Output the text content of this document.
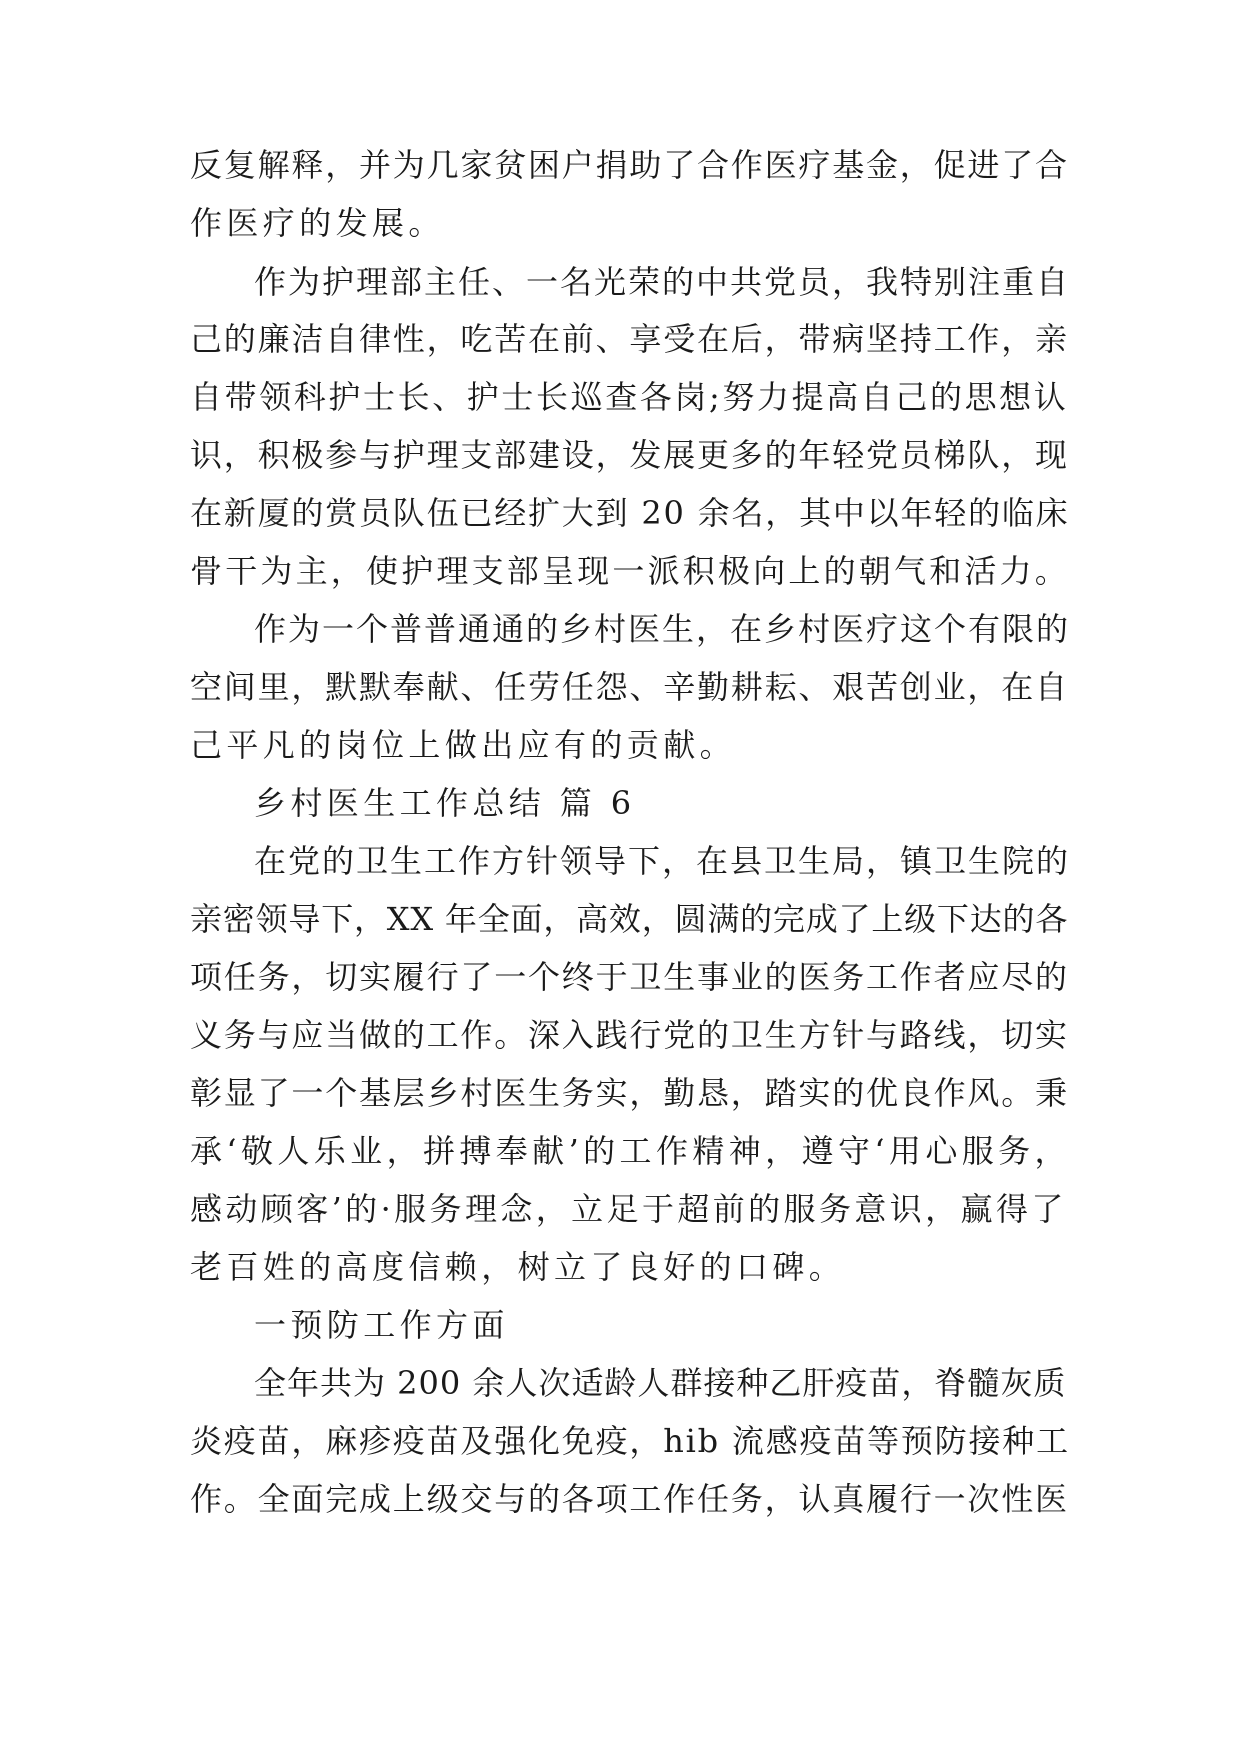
反复解释，并为几家贫困户捐助了合作医疗基金，促进了合
作医疗的发展。
作为护理部主任、一名光荣的中共党员，我特别注重自
己的廉洁自律性，吃苦在前、享受在后，带病坚持工作，亲
自带领科护士长、护士长巡查各岗;努力提高自己的思想认
识，积极参与护理支部建设，发展更多的年轻党员梯队，现
在新厦的赏员队伍已经扩大到 20 余名，其中以年轻的临床
骨干为主，使护理支部呈现一派积极向上的朝气和活力。
作为一个普普通通的乡村医生，在乡村医疗这个有限的
空间里，默默奉献、任劳任怨、辛勤耕耘、艰苦创业，在自
己平凡的岗位上做出应有的贡献。
乡村医生工作总结 篇 6
在党的卫生工作方针领导下，在县卫生局，镇卫生院的
亲密领导下，XX 年全面，高效，圆满的完成了上级下达的各
项任务，切实履行了一个终于卫生事业的医务工作者应尽的
义务与应当做的工作。深入践行党的卫生方针与路线，切实
彰显了一个基层乡村医生务实，勤恳，踏实的优良作风。秉
承‘敬人乐业，拼搏奉献’的工作精神，遵守‘用心服务，
感动顾客’的·服务理念，立足于超前的服务意识，赢得了
老百姓的高度信赖，树立了良好的口碑。
一预防工作方面
全年共为 200 余人次适龄人群接种乙肝疫苗，脊髓灰质
炎疫苗，麻疹疫苗及强化免疫，hib 流感疫苗等预防接种工
作。全面完成上级交与的各项工作任务，认真履行一次性医
